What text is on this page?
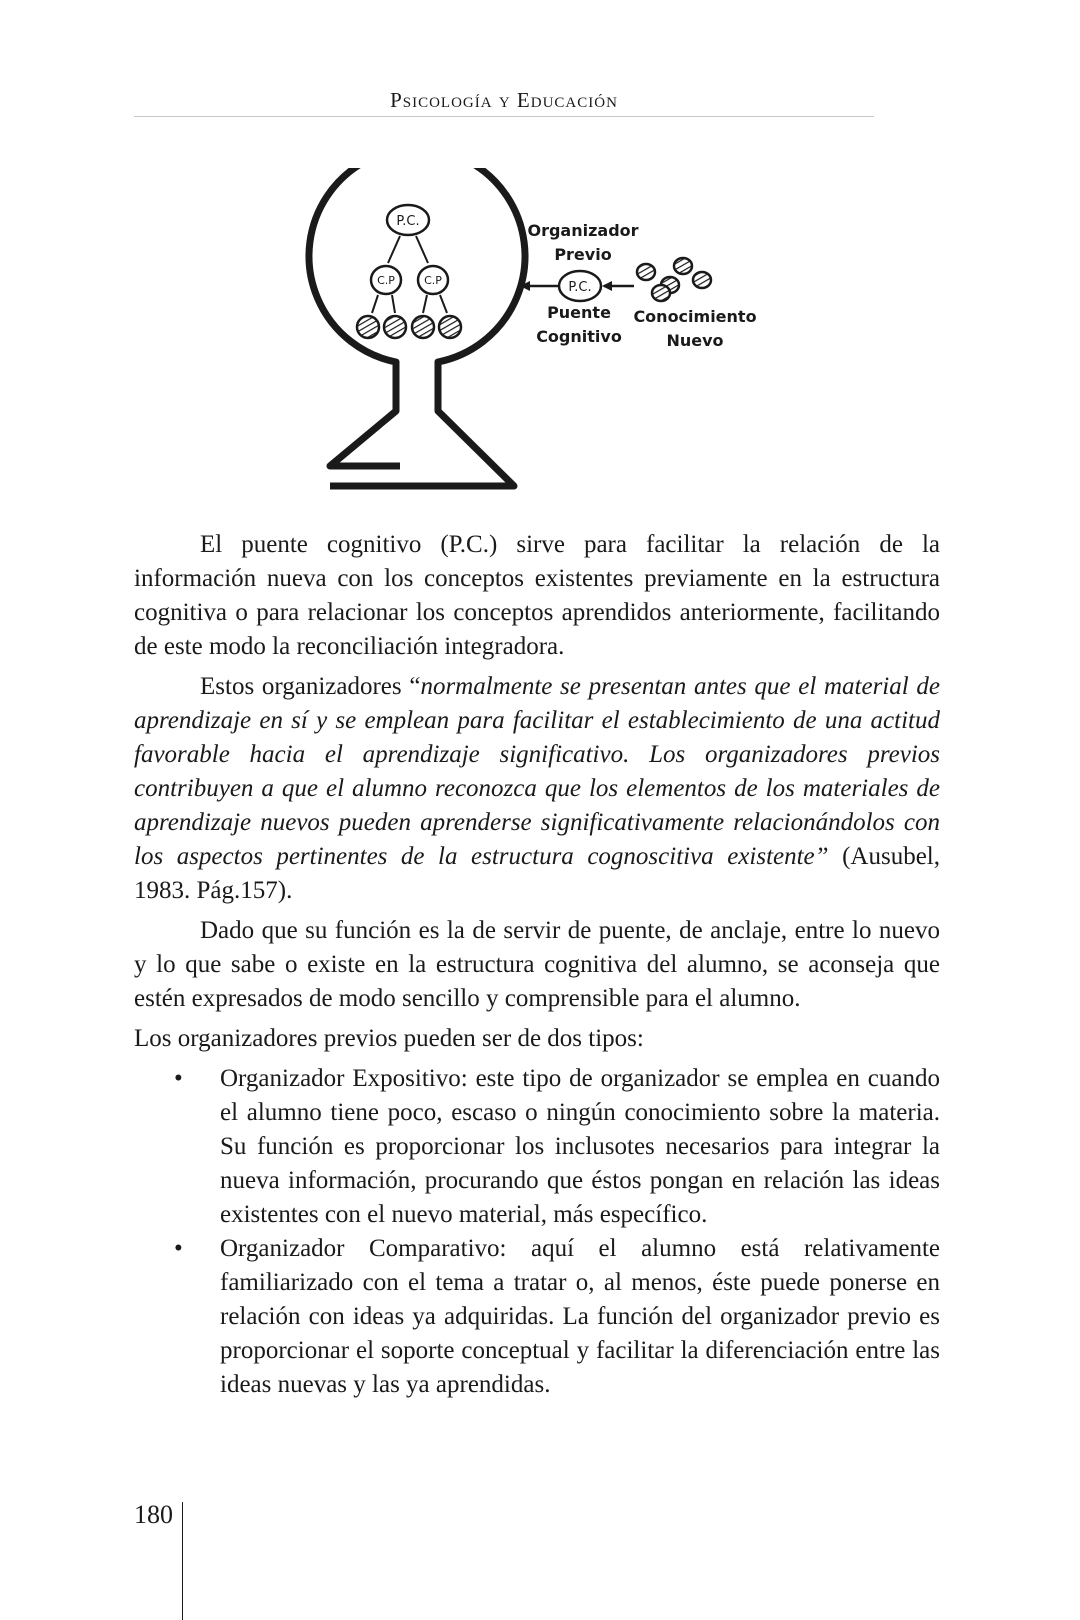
Psicología y Educación
P.C.
C.P	C.P
Organizador
Previo
P.C.
Puente
Cognitivo
Conocimiento
Nuevo

El puente cognitivo (P.C.) sirve para facilitar la relación de la información nueva con los conceptos existentes previamente en la estructura cognitiva o para relacionar los conceptos aprendidos anteriormente, facilitando de este modo la reconciliación integradora.

Estos organizadores “normalmente se presentan antes que el material de aprendizaje en sí y se emplean para facilitar el establecimiento de una actitud favorable hacia el aprendizaje significativo. Los organizadores previos contribuyen a que el alumno reconozca que los elementos de los materiales de aprendizaje nuevos pueden aprenderse significativamente relacionándolos con los aspectos pertinentes de la estructura cognoscitiva existente” (Ausubel, 1983. Pág.157).

Dado que su función es la de servir de puente, de anclaje, entre lo nuevo y lo que sabe o existe en la estructura cognitiva del alumno, se aconseja que estén expresados de modo sencillo y comprensible para el alumno.

Los organizadores previos pueden ser de dos tipos:

• Organizador Expositivo: este tipo de organizador se emplea en cuando el alumno tiene poco, escaso o ningún conocimiento sobre la materia. Su función es proporcionar los inclusotes necesarios para integrar la nueva información, procurando que éstos pongan en relación las ideas existentes con el nuevo material, más específico.
• Organizador Comparativo: aquí el alumno está relativamente familiarizado con el tema a tratar o, al menos, éste puede ponerse en relación con ideas ya adquiridas. La función del organizador previo es proporcionar el soporte conceptual y facilitar la diferenciación entre las ideas nuevas y las ya aprendidas.
180
